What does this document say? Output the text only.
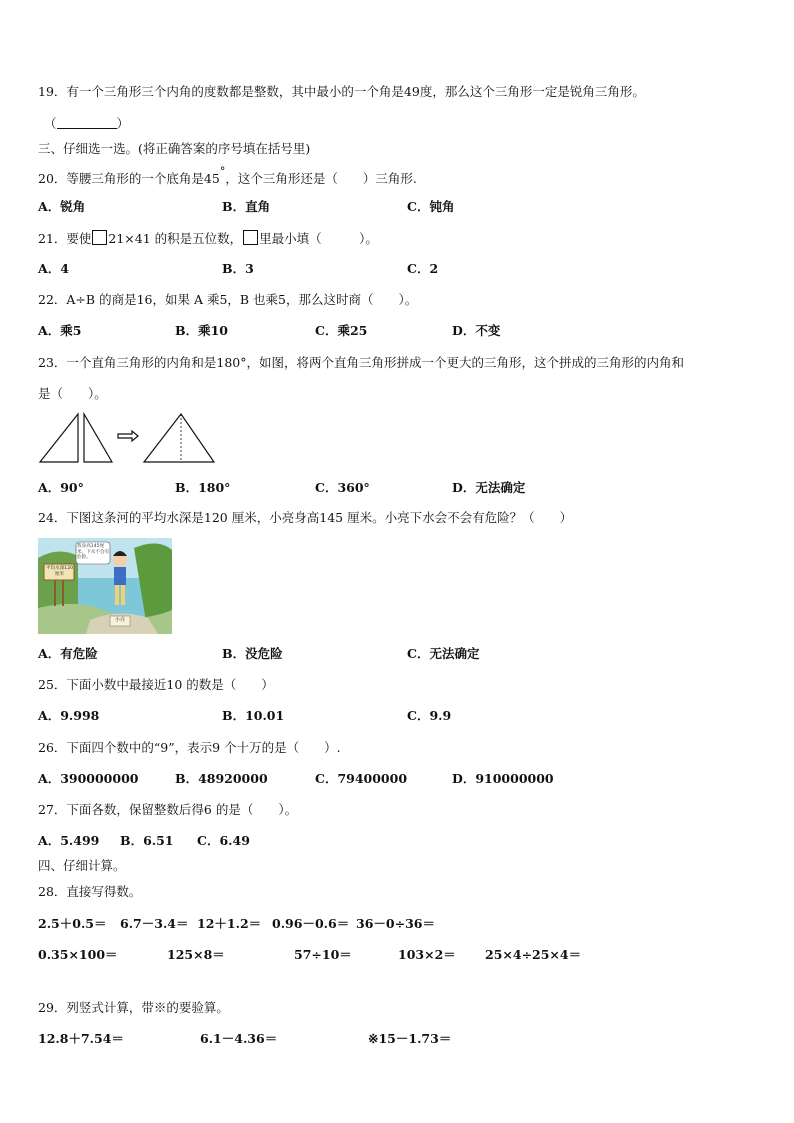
19．有一个三角形三个内角的度数都是整数，其中最小的一个角是49度，那么这个三角形一定是锐角三角形。
（	）
三、仔细选一选。(将正确答案的序号填在括号里)
20．等腰三角形的一个底角是45°，这个三角形还是（　　）三角形.
A．锐角	B．直角	C．钝角
21．要使 21×41 的积是五位数， 里最小填（　　　）。
A．4	B．3	C．2
22．A÷B 的商是16，如果 A 乘5，B 也乘5，那么这时商（　　）。
A．乘5	B．乘10	C．乘25	D．不变
23．一个直角三角形的内角和是180°，如图，将两个直角三角形拼成一个更大的三角形，这个拼成的三角形的内角和
是（　　）。
A．90°	B．180°	C．360°	D．无法确定
24．下图这条河的平均水深是120 厘米，小亮身高145 厘米。小亮下水会不会有危险？（　　）
我身高145厘米，下水不会有危险。
平均水深120厘米
小亮
A．有危险	B．没危险	C．无法确定
25．下面小数中最接近10 的数是（　　）
A．9.998	B．10.01	C．9.9
26．下面四个数中的“9”，表示9 个十万的是（　　）.
A．390000000	B．48920000	C．79400000	D．910000000
27．下面各数，保留整数后得6 的是（　　）。
A．5.499 B．6.51 C．6.49
四、仔细计算。
28．直接写得数。
2.5＋0.5＝ 6.7－3.4＝ 12＋1.2＝ 0.96－0.6＝ 36－0÷36＝
0.35×100＝	125×8＝	57÷10＝	103×2＝ 25×4÷25×4＝
29．列竖式计算，带※的要验算。
12.8＋7.54＝	6.1－4.36＝	※15－1.73＝
